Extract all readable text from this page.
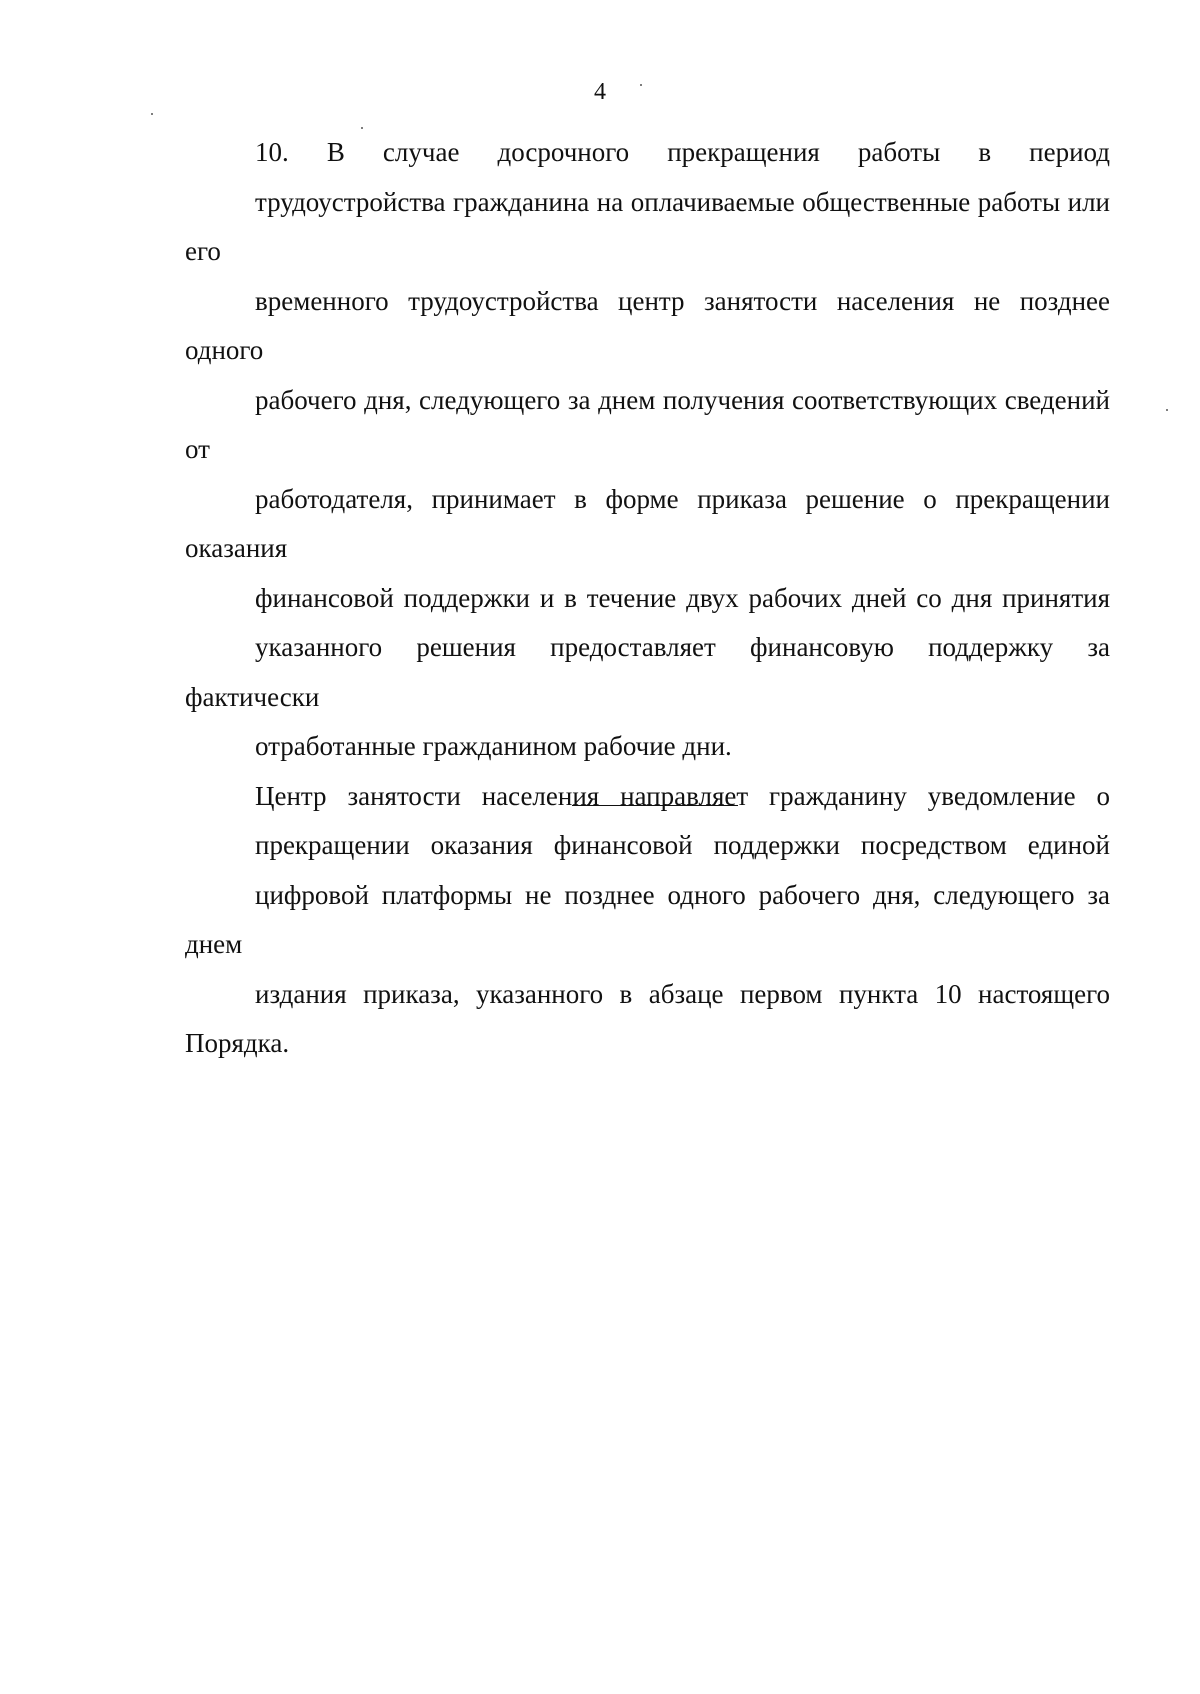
4
10. В случае досрочного прекращения работы в период
трудоустройства гражданина на оплачиваемые общественные работы или его
временного трудоустройства центр занятости населения не позднее одного
рабочего дня, следующего за днем получения соответствующих сведений от
работодателя, принимает в форме приказа решение о прекращении оказания
финансовой поддержки и в течение двух рабочих дней со дня принятия
указанного решения предоставляет финансовую поддержку за фактически
отработанные гражданином рабочие дни.
Центр занятости населения направляет гражданину уведомление о
прекращении оказания финансовой поддержки посредством единой
цифровой платформы не позднее одного рабочего дня, следующего за днем
издания приказа, указанного в абзаце первом пункта 10 настоящего Порядка.
